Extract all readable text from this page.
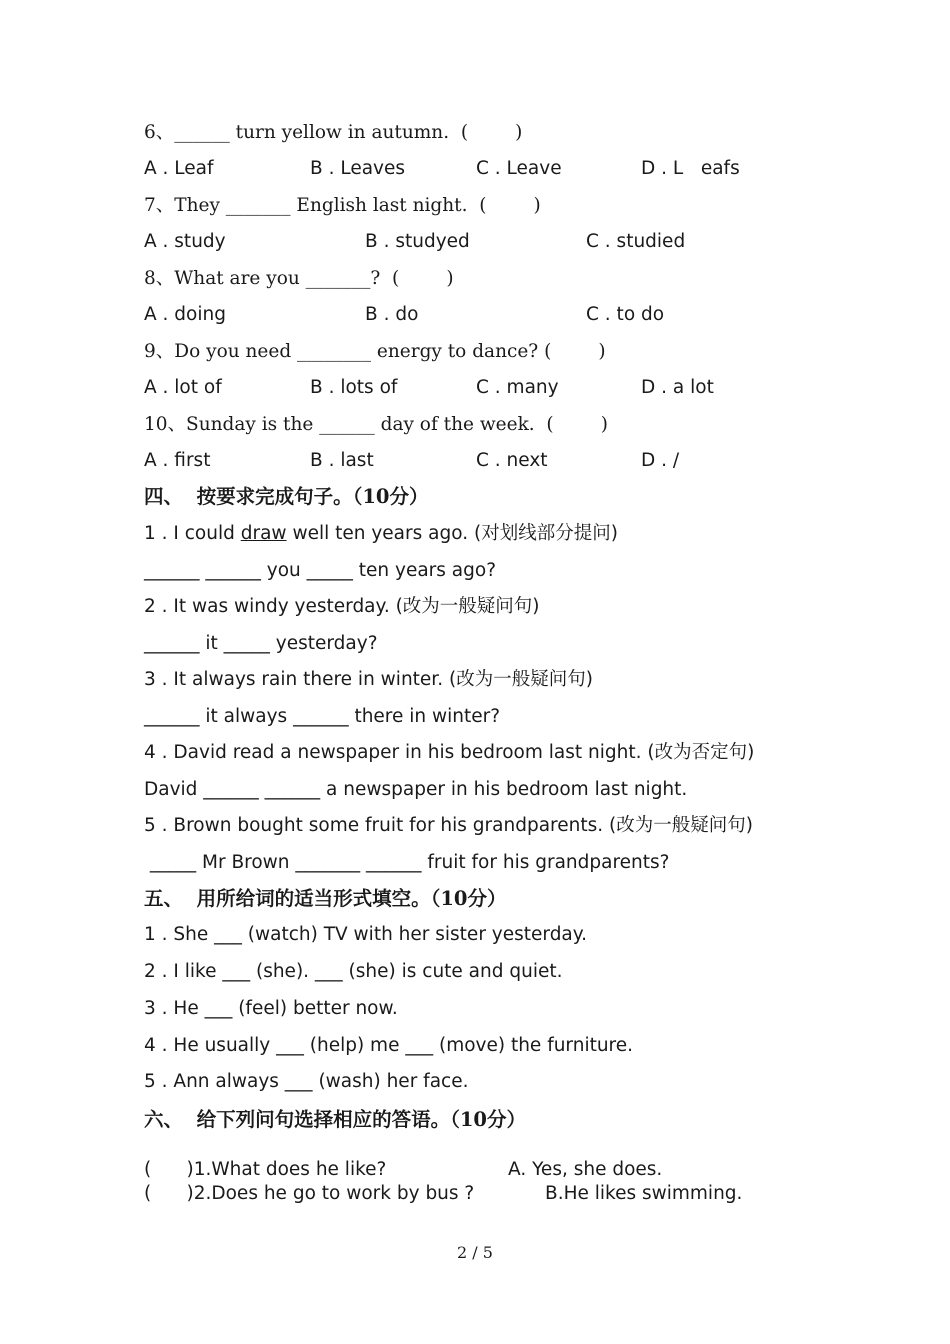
6、______ turn yellow in autumn.  (        )
A . Leaf	B . Leaves	C . Leave	D . L   eafs
7、They _______ English last night.  (        )
A . study	B . studyed	C . studied
8、What are you _______?  (        )
A . doing	B . do	C . to do
9、Do you need ________ energy to dance? (        )
A . lot of	B . lots of	C . many	D . a lot
10、Sunday is the ______ day of the week.  (        )
A . first	B . last	C . next	D . /
四、  按要求完成句子。（10分）
1 . I could draw well ten years ago. (对划线部分提问)
______ ______ you _____ ten years ago?
2 . It was windy yesterday. (改为一般疑问句)
______ it _____ yesterday?
3 . It always rain there in winter. (改为一般疑问句)
______ it always ______ there in winter?
4 . David read a newspaper in his bedroom last night. (改为否定句)
David ______ ______ a newspaper in his bedroom last night.
5 . Brown bought some fruit for his grandparents. (改为一般疑问句)
_____ Mr Brown _______ ______ fruit for his grandparents?
五、  用所给词的适当形式填空。（10分）
1 . She ___ (watch) TV with her sister yesterday.
2 . I like ___ (she). ___ (she) is cute and quiet.
3 . He ___ (feel) better now.
4 . He usually ___ (help) me ___ (move) the furniture.
5 . Ann always ___ (wash) her face.
六、  给下列问句选择相应的答语。（10分）
(      )1.What does he like?	A. Yes, she does.
(      )2.Does he go to work by bus ?	B.He likes swimming.
2 / 5
